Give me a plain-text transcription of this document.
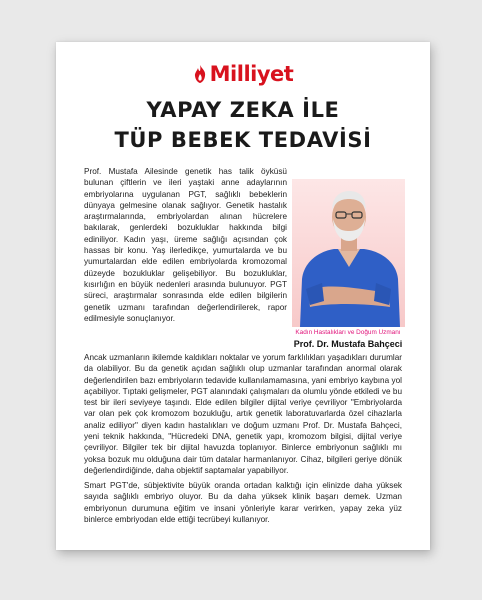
Milliyet
YAPAY ZEKA İLE
TÜP BEBEK TEDAVİSİ
Prof. Mustafa Ailesinde genetik has talik öyküsü bulunan çiftlerin ve ileri yaştaki anne adaylarının embriyolarına uygulanan PGT, sağlıklı bebeklerin dünyaya gelmesine olanak sağlıyor. Genetik hastalık araştırmalarında, embriyolardan alınan hücrelere bakılarak, genlerdeki bozukluklar hakkında bilgi ediniliyor. Kadın yaşı, üreme sağlığı açısından çok hassas bir konu. Yaş ilerledikçe, yumurtalarda ve bu yumurtalardan elde edilen embriyolarda kromozomal düzeyde bozukluklar gelişebiliyor. Bu bozukluklar, kısırlığın en büyük nedenleri arasında bulunuyor. PGT süreci, araştırmalar sonrasında elde edilen bilgilerin genetik uzmanı tarafından değerlendirilerek, rapor edilmesiyle sonuçlanıyor.
Kadın Hastalıkları ve Doğum Uzmanı
Prof. Dr. Mustafa Bahçeci
Ancak uzmanların ikilemde kaldıkları noktalar ve yorum farklılıkları yaşadıkları durumlar da olabiliyor. Bu da genetik açıdan sağlıklı olup uzmanlar tarafından anormal olarak değerlendirilen bazı embriyoların tedavide kullanılamamasına, yani embriyo kaybına yol açabiliyor. Tıptaki gelişmeler, PGT alanındaki çalışmaları da olumlu yönde etkiledi ve bu test bir ileri seviyeye taşındı. Elde edilen bilgiler dijital veriye çevriliyor "Embriyolarda var olan pek çok kromozom bozukluğu, artık genetik laboratuvarlarda özel cihazlarla analiz ediliyor" diyen kadın hastalıkları ve doğum uzmanı Prof. Dr. Mustafa Bahçeci, yeni teknik hakkında, "Hücredeki DNA, genetik yapı, kromozom bilgisi, dijital veriye çevriliyor. Bilgiler tek bir dijital havuzda toplanıyor. Binlerce embriyonun sağlıklı mı yoksa bozuk mu olduğuna dair tüm datalar harmanlanıyor. Cihaz, bilgileri geriye dönük değerlendirdiğinde, daha objektif saptamalar yapabiliyor.
Smart PGT'de, sübjektivite büyük oranda ortadan kalktığı için elinizde daha yüksek sayıda sağlıklı embriyo oluyor. Bu da daha yüksek klinik başarı demek. Uzman embriyonun durumuna eğitim ve insani yönleriyle karar verirken, yapay zeka yüz binlerce embriyodan elde ettiği tecrübeyi kullanıyor.
